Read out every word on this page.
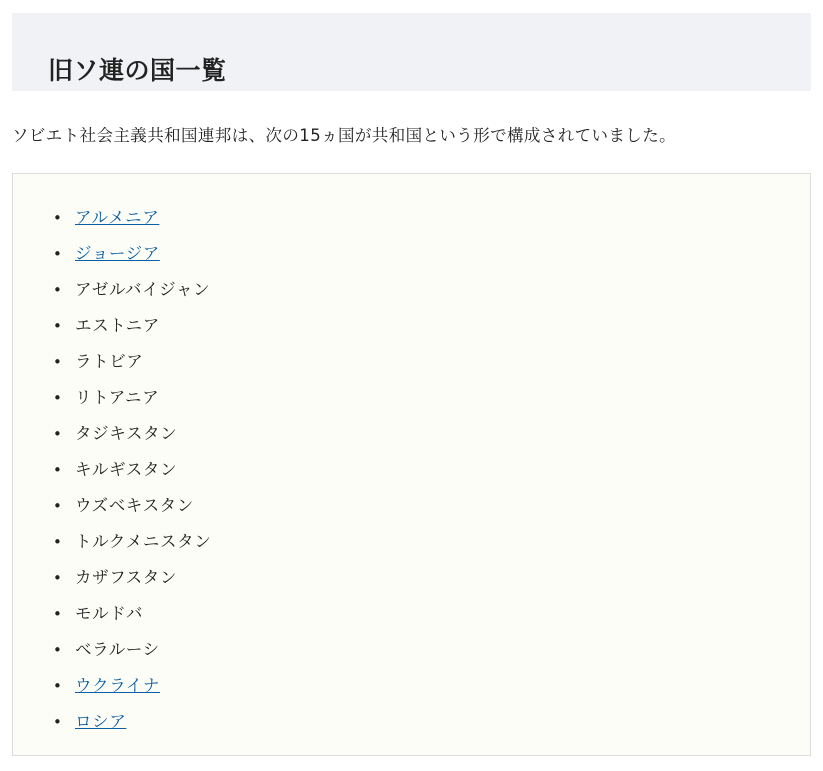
旧ソ連の国一覧
ソビエト社会主義共和国連邦は、次の15ヵ国が共和国という形で構成されていました。
• アルメニア
• ジョージア
• アゼルバイジャン
• エストニア
• ラトビア
• リトアニア
• タジキスタン
• キルギスタン
• ウズベキスタン
• トルクメニスタン
• カザフスタン
• モルドバ
• ベラルーシ
• ウクライナ
• ロシア
